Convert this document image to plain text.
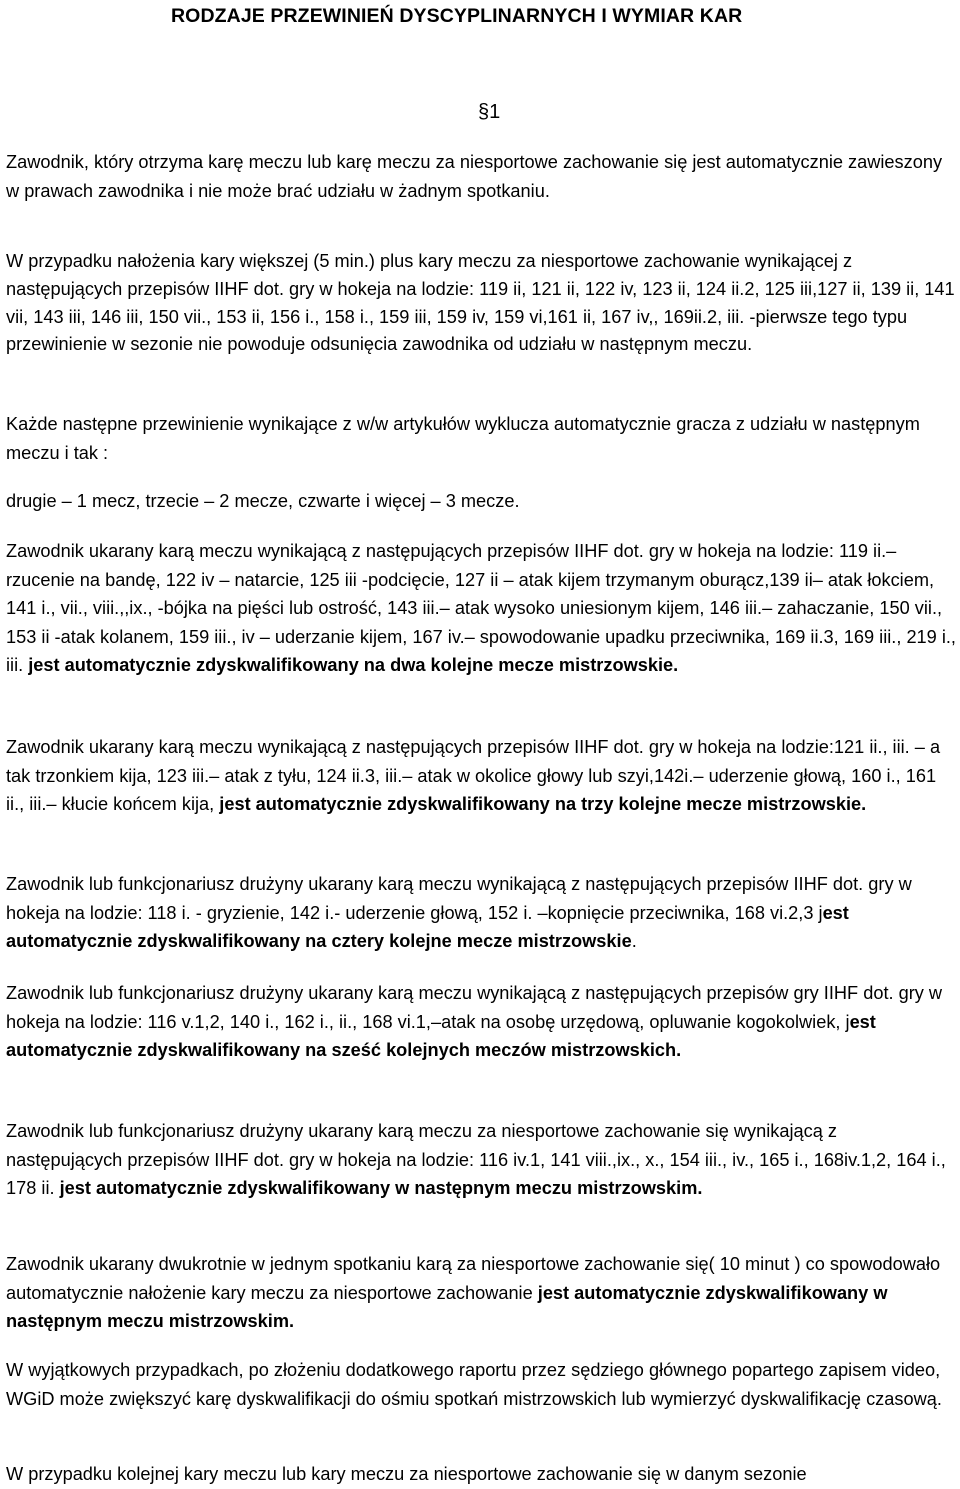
RODZAJE PRZEWINIEŃ DYSCYPLINARNYCH I WYMIAR KAR
§1

Zawodnik, który otrzyma karę meczu lub karę meczu za niesportowe zachowanie się jest automatycznie zawieszony w prawach zawodnika i nie może brać udziału w żadnym spotkaniu.

W przypadku nałożenia kary większej (5 min.) plus kary meczu za niesportowe zachowanie wynikającej z następujących przepisów IIHF dot. gry w hokeja na lodzie: 119 ii, 121 ii, 122 iv, 123 ii, 124 ii.2, 125 iii,127 ii, 139 ii, 141 vii, 143 iii, 146 iii, 150 vii., 153 ii, 156 i., 158 i., 159 iii, 159 iv, 159 vi,161 ii, 167 iv,, 169ii.2, iii. -pierwsze tego typu przewinienie w sezonie nie powoduje odsunięcia zawodnika od udziału w następnym meczu.

Każde następne przewinienie wynikające z w/w artykułów wyklucza automatycznie gracza z udziału w następnym meczu i tak :

drugie – 1 mecz, trzecie – 2 mecze, czwarte i więcej – 3 mecze.

Zawodnik ukarany karą meczu wynikającą z następujących przepisów IIHF dot. gry w hokeja na lodzie: 119 ii.– rzucenie na bandę, 122 iv – natarcie, 125 iii -podcięcie, 127 ii – atak kijem trzymanym oburącz,139 ii– atak łokciem, 141 i., vii., viii.,,ix., -bójka na pięści lub ostrość, 143 iii.– atak wysoko uniesionym kijem, 146 iii.– zahaczanie, 150 vii., 153 ii -atak kolanem, 159 iii., iv – uderzanie kijem, 167 iv.– spowodowanie upadku przeciwnika, 169 ii.3, 169 iii., 219 i., iii. jest automatycznie zdyskwalifikowany na dwa kolejne mecze mistrzowskie.

Zawodnik ukarany karą meczu wynikającą z następujących przepisów IIHF dot. gry w hokeja na lodzie:121 ii., iii. – a tak trzonkiem kija, 123 iii.– atak z tyłu, 124 ii.3, iii.– atak w okolice głowy lub szyi,142i.– uderzenie głową, 160 i., 161 ii., iii.– kłucie końcem kija, jest automatycznie zdyskwalifikowany na trzy kolejne mecze mistrzowskie.

Zawodnik lub funkcjonariusz drużyny ukarany karą meczu wynikającą z następujących przepisów IIHF dot. gry w hokeja na lodzie: 118 i. - gryzienie, 142 i.- uderzenie głową, 152 i. –kopnięcie przeciwnika, 168 vi.2,3 jest automatycznie zdyskwalifikowany na cztery kolejne mecze mistrzowskie.

Zawodnik lub funkcjonariusz drużyny ukarany karą meczu wynikającą z następujących przepisów gry IIHF dot. gry w hokeja na lodzie: 116 v.1,2, 140 i., 162 i., ii., 168 vi.1,–atak na osobę urzędową, opluwanie kogokolwiek, jest automatycznie zdyskwalifikowany na sześć kolejnych meczów mistrzowskich.

Zawodnik lub funkcjonariusz drużyny ukarany karą meczu za niesportowe zachowanie się wynikającą z następujących przepisów IIHF dot. gry w hokeja na lodzie: 116 iv.1, 141 viii.,ix., x., 154 iii., iv., 165 i., 168iv.1,2, 164 i., 178 ii. jest automatycznie zdyskwalifikowany w następnym meczu mistrzowskim.

Zawodnik ukarany dwukrotnie w jednym spotkaniu karą za niesportowe zachowanie się( 10 minut ) co spowodowało automatycznie nałożenie kary meczu za niesportowe zachowanie jest automatycznie zdyskwalifikowany w następnym meczu mistrzowskim.

W wyjątkowych przypadkach, po złożeniu dodatkowego raportu przez sędziego głównego popartego zapisem video, WGiD może zwiększyć karę dyskwalifikacji do ośmiu spotkań mistrzowskich lub wymierzyć dyskwalifikację czasową.

W przypadku kolejnej kary meczu lub kary meczu za niesportowe zachowanie się w danym sezonie
